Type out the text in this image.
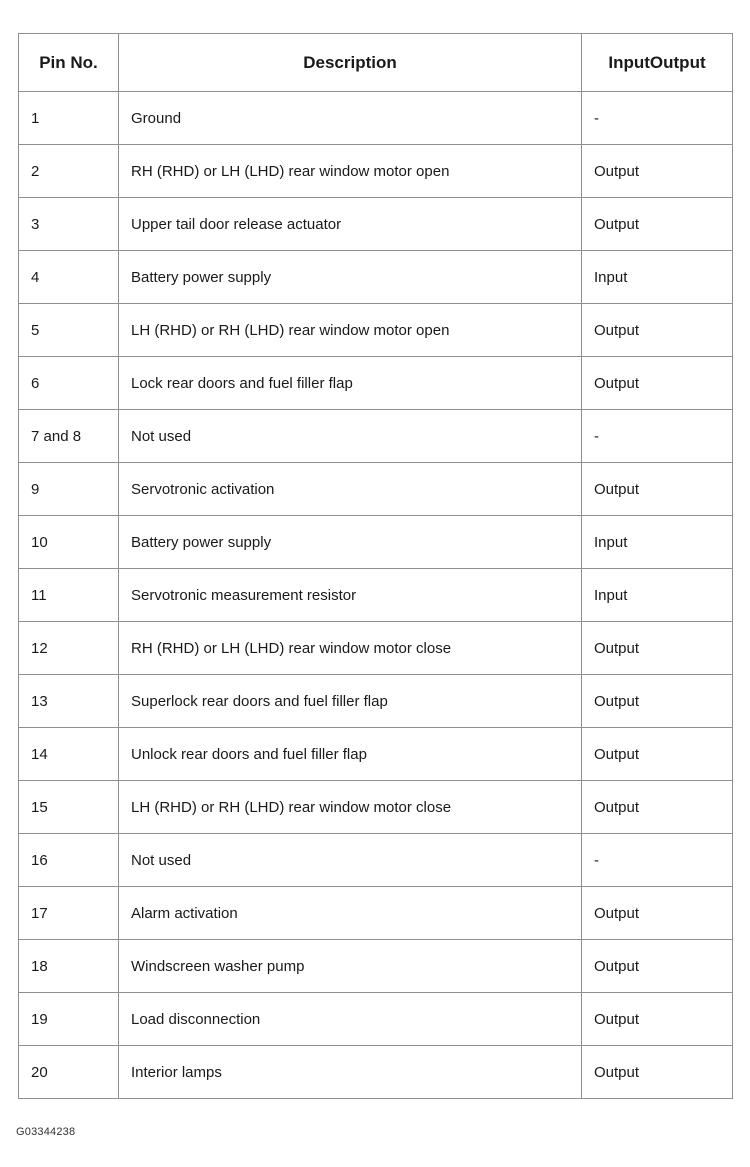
Pin No.	Description	InputOutput
1	Ground	-
2	RH (RHD) or LH (LHD) rear window motor open	Output
3	Upper tail door release actuator	Output
4	Battery power supply	Input
5	LH (RHD) or RH (LHD) rear window motor open	Output
6	Lock rear doors and fuel filler flap	Output
7 and 8	Not used	-
9	Servotronic activation	Output
10	Battery power supply	Input
11	Servotronic measurement resistor	Input
12	RH (RHD) or LH (LHD) rear window motor close	Output
13	Superlock rear doors and fuel filler flap	Output
14	Unlock rear doors and fuel filler flap	Output
15	LH (RHD) or RH (LHD) rear window motor close	Output
16	Not used	-
17	Alarm activation	Output
18	Windscreen washer pump	Output
19	Load disconnection	Output
20	Interior lamps	Output
G03344238
